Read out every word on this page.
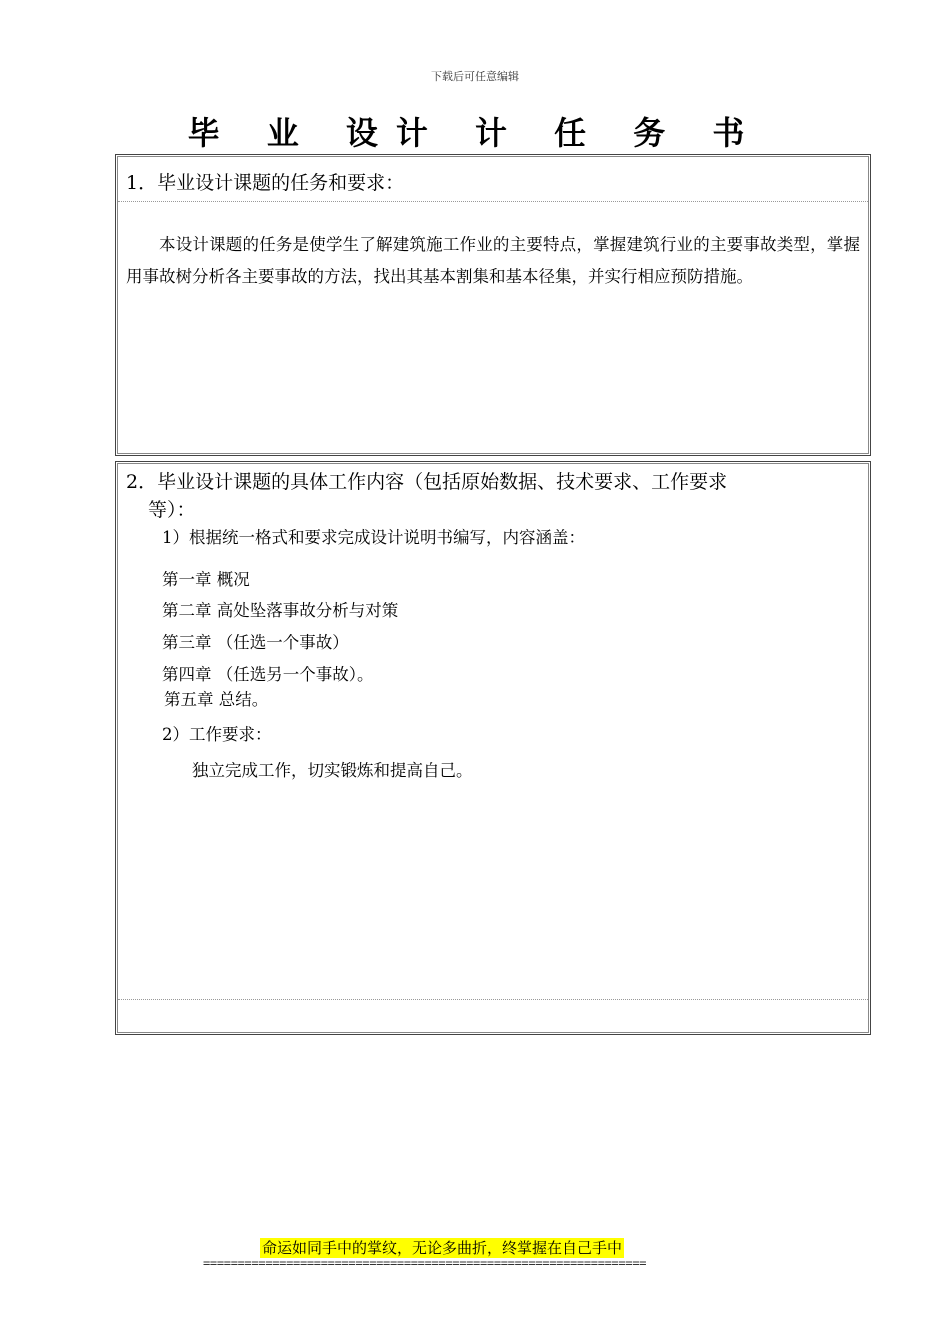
下载后可任意编辑
毕 业 设计 计 任 务 书
1．毕业设计课题的任务和要求：
本设计课题的任务是使学生了解建筑施工作业的主要特点，掌握建筑行业的主要事故类型，掌握用事故树分析各主要事故的方法，找出其基本割集和基本径集，并实行相应预防措施。
2．毕业设计课题的具体工作内容（包括原始数据、技术要求、工作要求
等）：
1）根据统一格式和要求完成设计说明书编写，内容涵盖：
第一章 概况
第二章 高处坠落事故分析与对策
第三章 （任选一个事故）
第四章 （任选另一个事故）。
第五章 总结。
2）工作要求：
独立完成工作，切实锻炼和提高自己。
命运如同手中的掌纹，无论多曲折，终掌握在自己手中
================================================================
